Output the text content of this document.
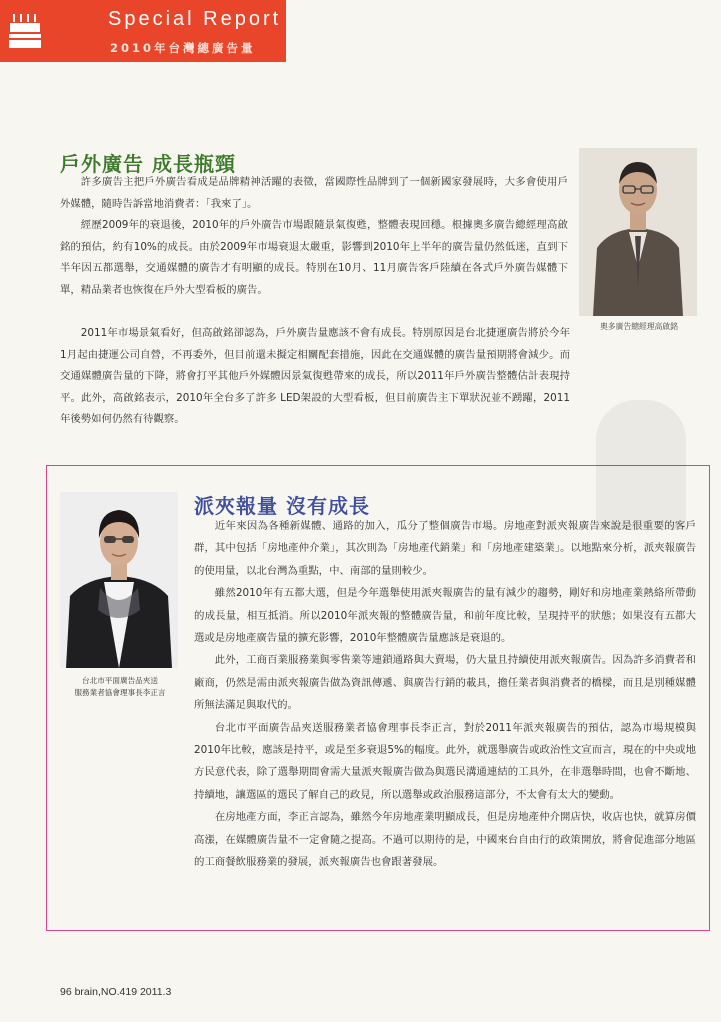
Special Report
2010年台灣總廣告量
戶外廣告 成長瓶頸

許多廣告主把戶外廣告看成是品牌精神活躍的表徵，當國際性品牌到了一個新國家發展時，大多會使用戶外媒體，隨時告訴當地消費者：「我來了」。

經歷2009年的衰退後，2010年的戶外廣告市場跟隨景氣復甦，整體表現回穩。根據奧多廣告總經理高啟銘的預估，約有10%的成長。由於2009年市場衰退太嚴重，影響到2010年上半年的廣告量仍然低迷，直到下半年因五都選舉，交通媒體的廣告才有明顯的成長。特別在10月、11月廣告客戶陸續在各式戶外廣告媒體下單，精品業者也恢復在戶外大型看板的廣告。

2011年市場景氣看好，但高啟銘卻認為，戶外廣告量應該不會有成長。特別原因是台北捷運廣告將於今年1月起由捷運公司自營，不再委外，但目前還未擬定相關配套措施，因此在交通媒體的廣告量預期將會減少。而交通媒體廣告量的下降，將會打平其他戶外媒體因景氣復甦帶來的成長，所以2011年戶外廣告整體估計表現持平。此外，高啟銘表示，2010年全台多了許多 LED架設的大型看板，但目前廣告主下單狀況並不踴躍，2011年後勢如何仍然有待觀察。

奧多廣告總經理高啟銘
台北市平面廣告品夾送
服務業者協會理事長李正言
派夾報量 沒有成長

近年來因為各種新媒體、通路的加入，瓜分了整個廣告市場。房地產對派夾報廣告來說是很重要的客戶群，其中包括「房地產仲介業」，其次則為「房地產代銷業」和「房地產建築業」。以地點來分析，派夾報廣告的使用量，以北台灣為重點，中、南部的量則較少。

雖然2010年有五都大選，但是今年選舉使用派夾報廣告的量有減少的趨勢，剛好和房地產業熱絡所帶動的成長量，相互抵消。所以2010年派夾報的整體廣告量，和前年度比較，呈現持平的狀態；如果沒有五都大選或是房地產廣告量的擴充影響，2010年整體廣告量應該是衰退的。

此外，工商百業服務業與零售業等連鎖通路與大賣場，仍大量且持續使用派夾報廣告。因為許多消費者和廠商，仍然是需由派夾報廣告做為資訊傳遞、與廣告行銷的載具，擔任業者與消費者的橋樑，而且是別種媒體所無法滿足與取代的。

台北市平面廣告品夾送服務業者協會理事長李正言，對於2011年派夾報廣告的預估，認為市場規模與2010年比較，應該是持平，或是至多衰退5%的幅度。此外，就選舉廣告或政治性文宣而言，現在的中央或地方民意代表，除了選舉期間會需大量派夾報廣告做為與選民溝通連結的工具外，在非選舉時間，也會不斷地、持續地，讓選區的選民了解自己的政見，所以選舉或政治服務這部分，不太會有太大的變動。

在房地產方面，李正言認為，雖然今年房地產業明顯成長，但是房地產仲介開店快，收店也快，就算房價高漲，在媒體廣告量不一定會隨之提高。不過可以期待的是，中國來台自由行的政策開放，將會促進部分地區的工商餐飲服務業的發展，派夾報廣告也會跟著發展。

96 brain,NO.419 2011.3
